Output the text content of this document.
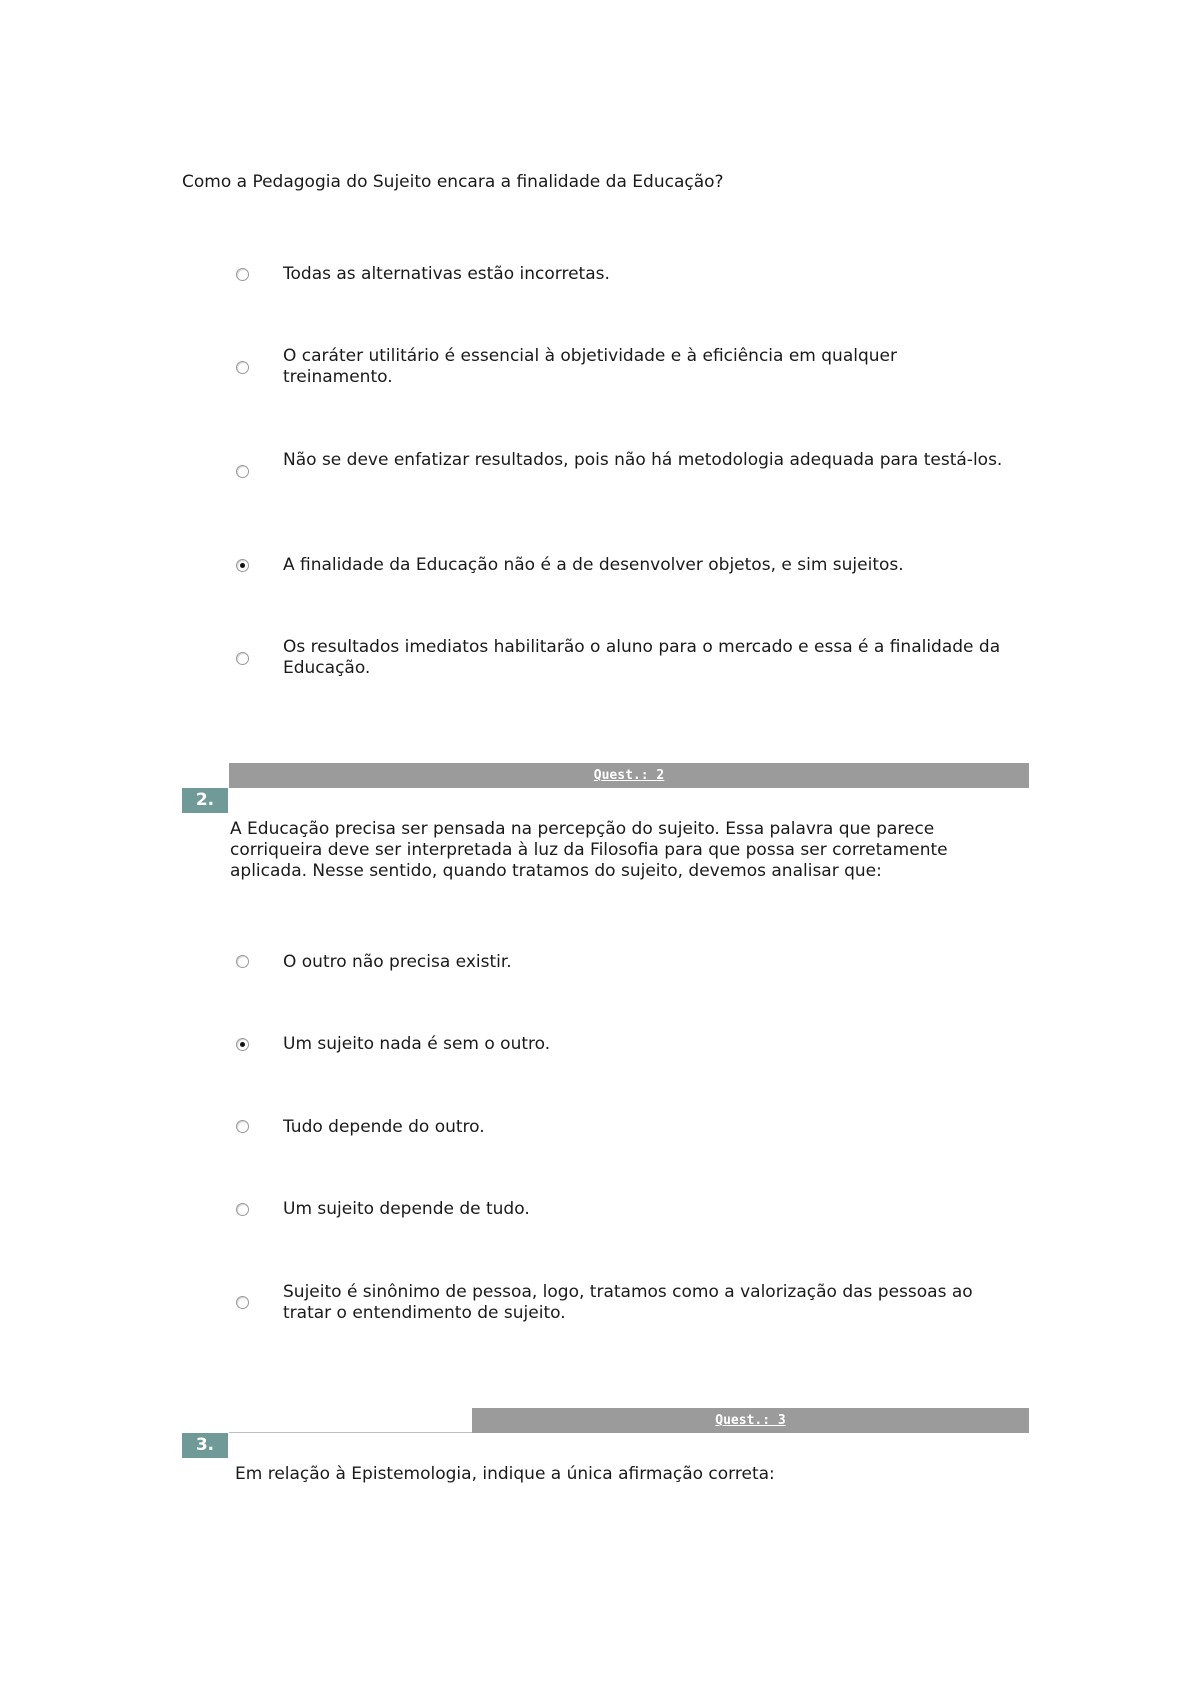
Como a Pedagogia do Sujeito encara a finalidade da Educação?
Todas as alternativas estão incorretas.
O caráter utilitário é essencial à objetividade e à eficiência em qualquer treinamento.
Não se deve enfatizar resultados, pois não há metodologia adequada para testá-los.
A finalidade da Educação não é a de desenvolver objetos, e sim sujeitos.
Os resultados imediatos habilitarão o aluno para o mercado e essa é a finalidade da Educação.
Quest.: 2
2.
A Educação precisa ser pensada na percepção do sujeito. Essa palavra que parece corriqueira deve ser interpretada à luz da Filosofia para que possa ser corretamente aplicada. Nesse sentido, quando tratamos do sujeito, devemos analisar que:
O outro não precisa existir.
Um sujeito nada é sem o outro.
Tudo depende do outro.
Um sujeito depende de tudo.
Sujeito é sinônimo de pessoa, logo, tratamos como a valorização das pessoas ao tratar o entendimento de sujeito.
Quest.: 3
3.
Em relação à Epistemologia, indique a única afirmação correta:
